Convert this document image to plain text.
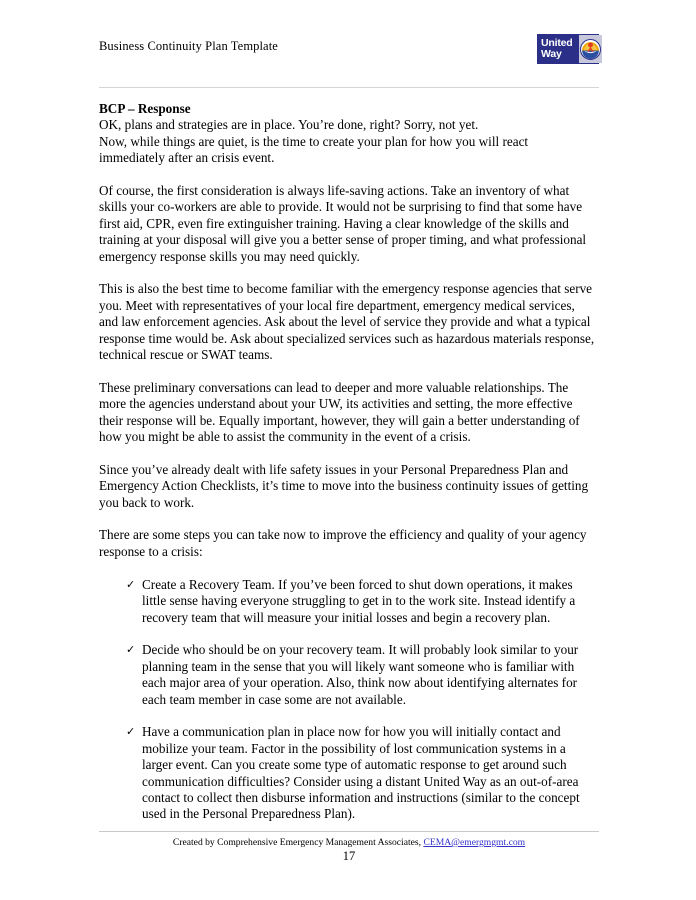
Business Continuity Plan Template	United
Way
BCP – Response
OK, plans and strategies are in place. You’re done, right? Sorry, not yet.
Now, while things are quiet, is the time to create your plan for how you will react
immediately after an crisis event.

Of course, the first consideration is always life-saving actions. Take an inventory of what skills your co-workers are able to provide. It would not be surprising to find that some have first aid, CPR, even fire extinguisher training. Having a clear knowledge of the skills and training at your disposal will give you a better sense of proper timing, and what professional emergency response skills you may need quickly.

This is also the best time to become familiar with the emergency response agencies that serve you. Meet with representatives of your local fire department, emergency medical services, and law enforcement agencies. Ask about the level of service they provide and what a typical response time would be. Ask about specialized services such as hazardous materials response, technical rescue or SWAT teams.

These preliminary conversations can lead to deeper and more valuable relationships. The more the agencies understand about your UW, its activities and setting, the more effective their response will be. Equally important, however, they will gain a better understanding of how you might be able to assist the community in the event of a crisis.

Since you’ve already dealt with life safety issues in your Personal Preparedness Plan and Emergency Action Checklists, it’s time to move into the business continuity issues of getting you back to work.

There are some steps you can take now to improve the efficiency and quality of your agency response to a crisis:

✓ Create a Recovery Team. If you’ve been forced to shut down operations, it makes little sense having everyone struggling to get in to the work site. Instead identify a recovery team that will measure your initial losses and begin a recovery plan.
✓ Decide who should be on your recovery team. It will probably look similar to your planning team in the sense that you will likely want someone who is familiar with each major area of your operation. Also, think now about identifying alternates for each team member in case some are not available.
✓ Have a communication plan in place now for how you will initially contact and mobilize your team. Factor in the possibility of lost communication systems in a larger event. Can you create some type of automatic response to get around such communication difficulties? Consider using a distant United Way as an out-of-area contact to collect then disburse information and instructions (similar to the concept used in the Personal Preparedness Plan).
Created by Comprehensive Emergency Management Associates, CEMA@emergmgmt.com
17
